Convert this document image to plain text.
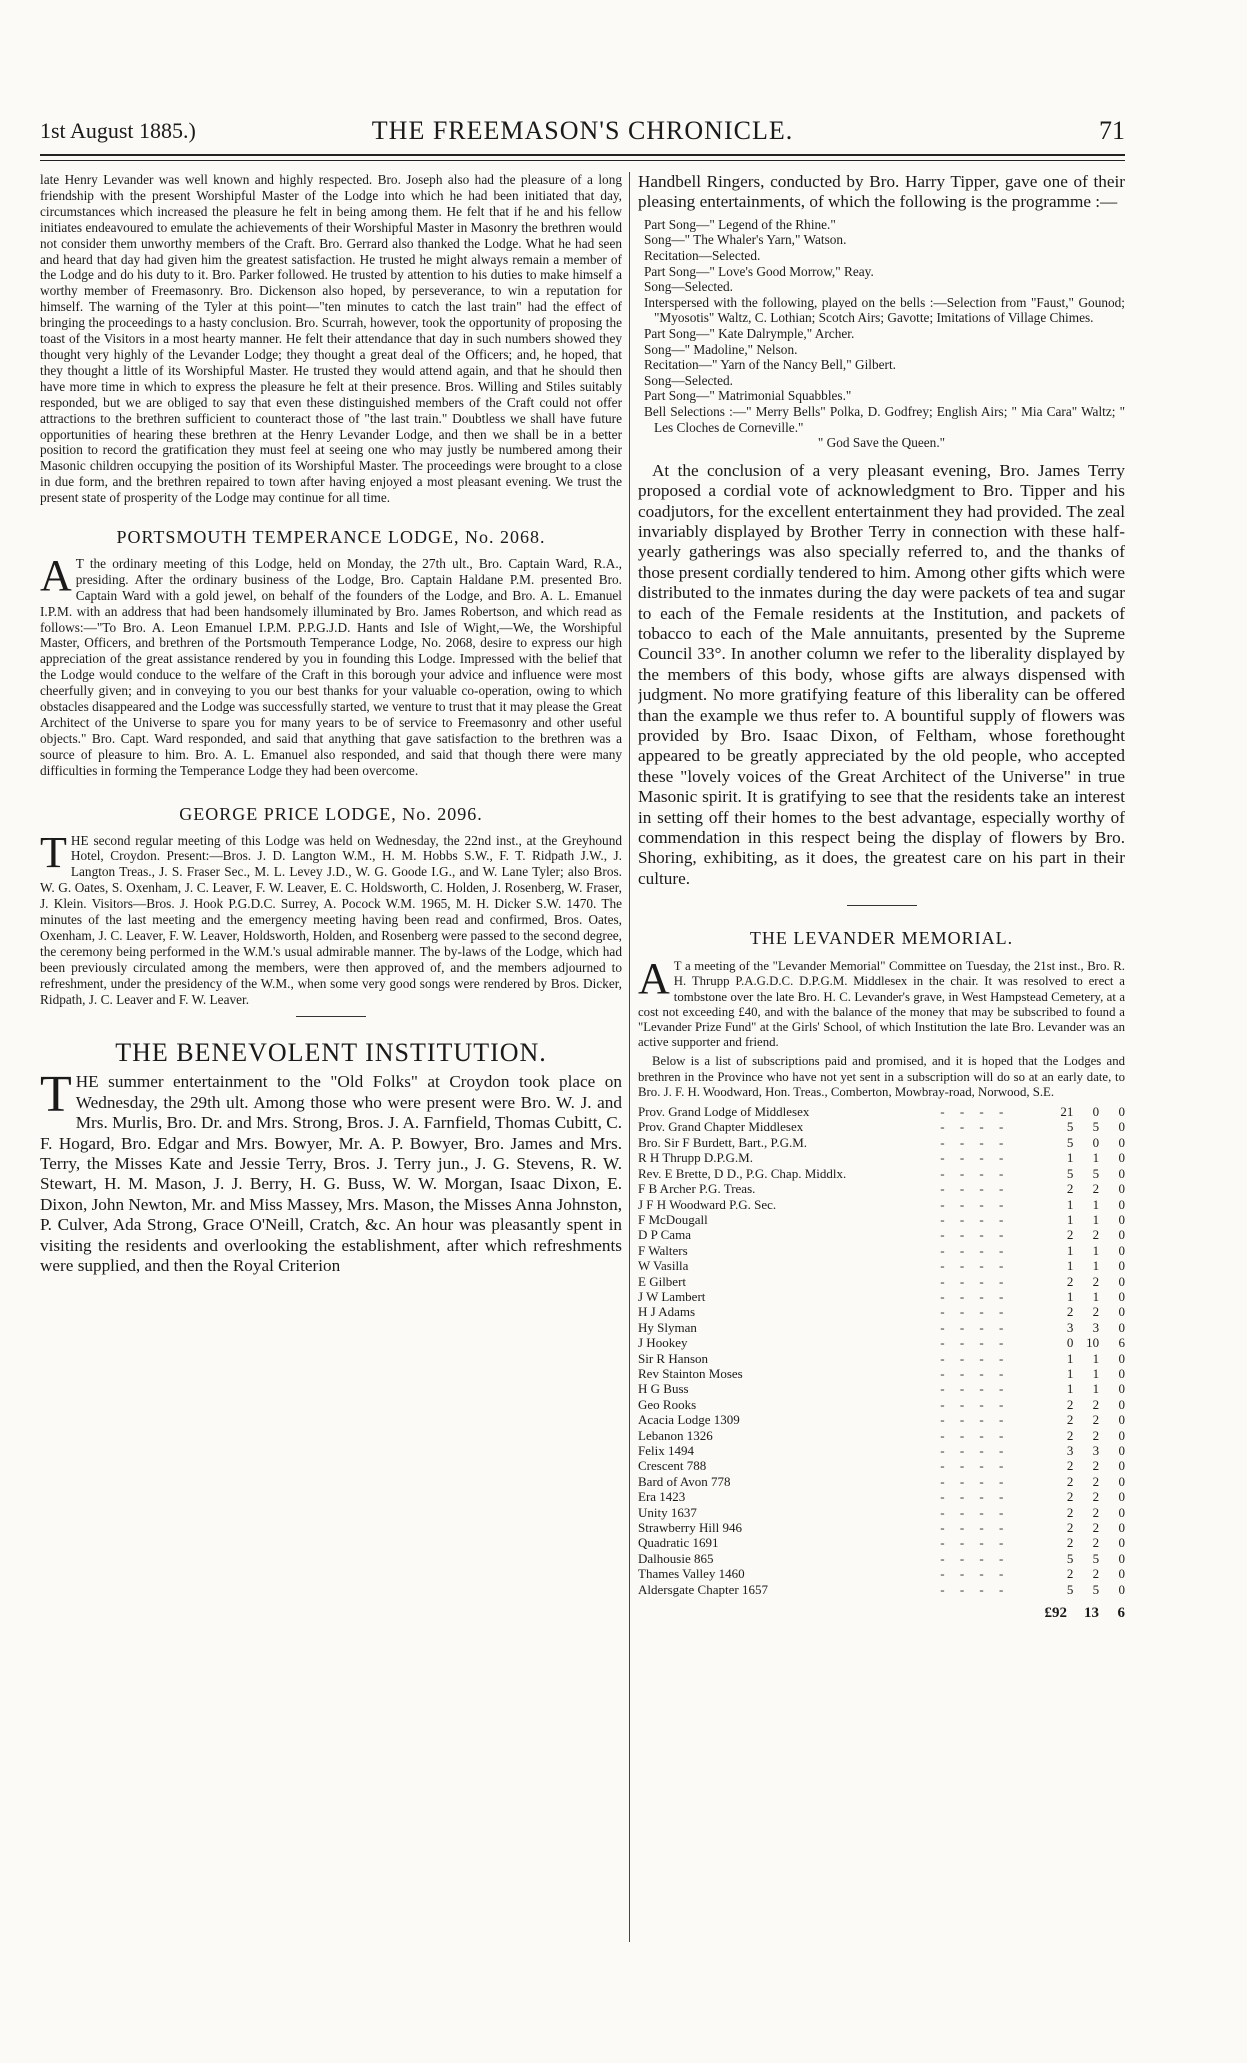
1st August 1885.)	THE FREEMASON'S CHRONICLE.	71

late Henry Levander was well known and highly respected. Bro. Joseph also had the pleasure of a long friendship with the present Worshipful Master of the Lodge into which he had been initiated that day, circumstances which increased the pleasure he felt in being among them. He felt that if he and his fellow initiates endeavoured to emulate the achievements of their Worshipful Master in Masonry the brethren would not consider them unworthy members of the Craft. Bro. Gerrard also thanked the Lodge. What he had seen and heard that day had given him the greatest satisfaction. He trusted he might always remain a member of the Lodge and do his duty to it. Bro. Parker followed. He trusted by attention to his duties to make himself a worthy member of Freemasonry. Bro. Dickenson also hoped, by perseverance, to win a reputation for himself. The warning of the Tyler at this point—"ten minutes to catch the last train" had the effect of bringing the proceedings to a hasty conclusion. Bro. Scurrah, however, took the opportunity of proposing the toast of the Visitors in a most hearty manner. He felt their attendance that day in such numbers showed they thought very highly of the Levander Lodge; they thought a great deal of the Officers; and, he hoped, that they thought a little of its Worshipful Master. He trusted they would attend again, and that he should then have more time in which to express the pleasure he felt at their presence. Bros. Willing and Stiles suitably responded, but we are obliged to say that even these distinguished members of the Craft could not offer attractions to the brethren sufficient to counteract those of "the last train." Doubtless we shall have future opportunities of hearing these brethren at the Henry Levander Lodge, and then we shall be in a better position to record the gratification they must feel at seeing one who may justly be numbered among their Masonic children occupying the position of its Worshipful Master. The proceedings were brought to a close in due form, and the brethren repaired to town after having enjoyed a most pleasant evening. We trust the present state of prosperity of the Lodge may continue for all time.

PORTSMOUTH TEMPERANCE LODGE, No. 2068.

A T the ordinary meeting of this Lodge, held on Monday, the 27th ult., Bro. Captain Ward, R.A., presiding. After the ordinary business of the Lodge, Bro. Captain Haldane P.M. presented Bro. Captain Ward with a gold jewel, on behalf of the founders of the Lodge, and Bro. A. L. Emanuel I.P.M. with an address that had been handsomely illuminated by Bro. James Robertson, and which read as follows:—"To Bro. A. Leon Emanuel I.P.M. P.P.G.J.D. Hants and Isle of Wight,—We, the Worshipful Master, Officers, and brethren of the Portsmouth Temperance Lodge, No. 2068, desire to express our high appreciation of the great assistance rendered by you in founding this Lodge. Impressed with the belief that the Lodge would conduce to the welfare of the Craft in this borough your advice and influence were most cheerfully given; and in conveying to you our best thanks for your valuable co-operation, owing to which obstacles disappeared and the Lodge was successfully started, we venture to trust that it may please the Great Architect of the Universe to spare you for many years to be of service to Freemasonry and other useful objects." Bro. Capt. Ward responded, and said that anything that gave satisfaction to the brethren was a source of pleasure to him. Bro. A. L. Emanuel also responded, and said that though there were many difficulties in forming the Temperance Lodge they had been overcome.

GEORGE PRICE LODGE, No. 2096.

THE second regular meeting of this Lodge was held on Wednesday, the 22nd inst., at the Greyhound Hotel, Croydon. Present:—Bros. J. D. Langton W.M., H. M. Hobbs S.W., F. T. Ridpath J.W., J. Langton Treas., J. S. Fraser Sec., M. L. Levey J.D., W. G. Goode I.G., and W. Lane Tyler; also Bros. W. G. Oates, S. Oxenham, J. C. Leaver, F. W. Leaver, E. C. Holdsworth, C. Holden, J. Rosenberg, W. Fraser, J. Klein. Visitors—Bros. J. Hook P.G.D.C. Surrey, A. Pocock W.M. 1965, M. H. Dicker S.W. 1470. The minutes of the last meeting and the emergency meeting having been read and confirmed, Bros. Oates, Oxenham, J. C. Leaver, F. W. Leaver, Holdsworth, Holden, and Rosenberg were passed to the second degree, the ceremony being performed in the W.M.'s usual admirable manner. The by-laws of the Lodge, which had been previously circulated among the members, were then approved of, and the members adjourned to refreshment, under the presidency of the W.M., when some very good songs were rendered by Bros. Dicker, Ridpath, J. C. Leaver and F. W. Leaver.

THE BENEVOLENT INSTITUTION.

THE summer entertainment to the "Old Folks" at Croydon took place on Wednesday, the 29th ult. Among those who were present were Bro. W. J. and Mrs. Murlis, Bro. Dr. and Mrs. Strong, Bros. J. A. Farnfield, Thomas Cubitt, C. F. Hogard, Bro. Edgar and Mrs. Bowyer, Mr. A. P. Bowyer, Bro. James and Mrs. Terry, the Misses Kate and Jessie Terry, Bros. J. Terry jun., J. G. Stevens, R. W. Stewart, H. M. Mason, J. J. Berry, H. G. Buss, W. W. Morgan, Isaac Dixon, E. Dixon, John Newton, Mr. and Miss Massey, Mrs. Mason, the Misses Anna Johnston, P. Culver, Ada Strong, Grace O'Neill, Cratch, &c. An hour was pleasantly spent in visiting the residents and overlooking the establishment, after which refreshments were supplied, and then the Royal Criterion

Handbell Ringers, conducted by Bro. Harry Tipper, gave one of their pleasing entertainments, of which the following is the programme :—

Part Song—" Legend of the Rhine."
Song—" The Whaler's Yarn," Watson.
Recitation—Selected.
Part Song—" Love's Good Morrow," Reay.
Song—Selected.
Interspersed with the following, played on the bells :—Selection from "Faust," Gounod; "Myosotis" Waltz, C. Lothian; Scotch Airs; Gavotte; Imitations of Village Chimes.
Part Song—" Kate Dalrymple," Archer.
Song—" Madoline," Nelson.
Recitation—" Yarn of the Nancy Bell," Gilbert.
Song—Selected.
Part Song—" Matrimonial Squabbles."
Bell Selections :—" Merry Bells" Polka, D. Godfrey; English Airs; " Mia Cara" Waltz; " Les Cloches de Corneville."
" God Save the Queen."

At the conclusion of a very pleasant evening, Bro. James Terry proposed a cordial vote of acknowledgment to Bro. Tipper and his coadjutors, for the excellent entertainment they had provided. The zeal invariably displayed by Brother Terry in connection with these half-yearly gatherings was also specially referred to, and the thanks of those present cordially tendered to him. Among other gifts which were distributed to the inmates during the day were packets of tea and sugar to each of the Female residents at the Institution, and packets of tobacco to each of the Male annuitants, presented by the Supreme Council 33°. In another column we refer to the liberality displayed by the members of this body, whose gifts are always dispensed with judgment. No more gratifying feature of this liberality can be offered than the example we thus refer to. A bountiful supply of flowers was provided by Bro. Isaac Dixon, of Feltham, whose forethought appeared to be greatly appreciated by the old people, who accepted these "lovely voices of the Great Architect of the Universe" in true Masonic spirit. It is gratifying to see that the residents take an interest in setting off their homes to the best advantage, especially worthy of commendation in this respect being the display of flowers by Bro. Shoring, exhibiting, as it does, the greatest care on his part in their culture.

THE LEVANDER MEMORIAL.

A T a meeting of the "Levander Memorial" Committee on Tuesday, the 21st inst., Bro. R. H. Thrupp P.A.G.D.C. D.P.G.M. Middlesex in the chair. It was resolved to erect a tombstone over the late Bro. H. C. Levander's grave, in West Hampstead Cemetery, at a cost not exceeding £40, and with the balance of the money that may be subscribed to found a "Levander Prize Fund" at the Girls' School, of which Institution the late Bro. Levander was an active supporter and friend.

Below is a list of subscriptions paid and promised, and it is hoped that the Lodges and brethren in the Province who have not yet sent in a subscription will do so at an early date, to Bro. J. F. H. Woodward, Hon. Treas., Comberton, Mowbray-road, Norwood, S.E.

Prov. Grand Lodge of Middlesex	- - - -	21	0	0
Prov. Grand Chapter Middlesex	- - - -	5	5	0
Bro. Sir F Burdett, Bart., P.G.M.	- - - -	5	0	0
R H Thrupp D.P.G.M.	- - - -	1	1	0
Rev. E Brette, D D., P.G. Chap. Middlx.	- - - -	5	5	0
F B Archer P.G. Treas.	- - - -	2	2	0
J F H Woodward P.G. Sec.	- - - -	1	1	0
F McDougall	- - - -	1	1	0
D P Cama	- - - -	2	2	0
F Walters	- - - -	1	1	0
W Vasilla	- - - -	1	1	0
E Gilbert	- - - -	2	2	0
J W Lambert	- - - -	1	1	0
H J Adams	- - - -	2	2	0
Hy Slyman	- - - -	3	3	0
J Hookey	- - - -	0	10	6
Sir R Hanson	- - - -	1	1	0
Rev Stainton Moses	- - - -	1	1	0
H G Buss	- - - -	1	1	0
Geo Rooks	- - - -	2	2	0
Acacia Lodge 1309	- - - -	2	2	0
Lebanon 1326	- - - -	2	2	0
Felix 1494	- - - -	3	3	0
Crescent 788	- - - -	2	2	0
Bard of Avon 778	- - - -	2	2	0
Era 1423	- - - -	2	2	0
Unity 1637	- - - -	2	2	0
Strawberry Hill 946	- - - -	2	2	0
Quadratic 1691	- - - -	2	2	0
Dalhousie 865	- - - -	5	5	0
Thames Valley 1460	- - - -	2	2	0
Aldersgate Chapter 1657	- - - -	5	5	0
£92 13 6
